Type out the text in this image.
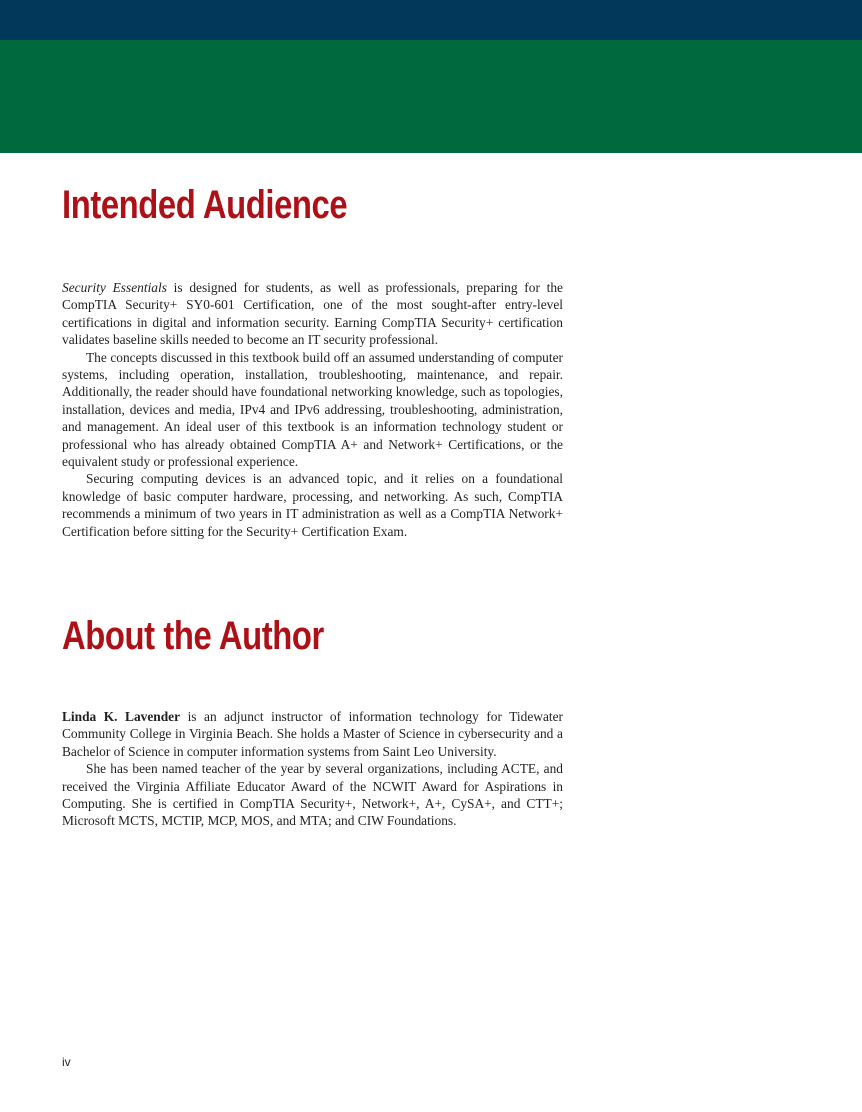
Intended Audience

Security Essentials is designed for students, as well as professionals, preparing for the CompTIA Security+ SY0-601 Certification, one of the most sought-after entry-level certifications in digital and information security. Earning CompTIA Security+ certification validates baseline skills needed to become an IT security professional.

The concepts discussed in this textbook build off an assumed understanding of computer systems, including operation, installation, troubleshooting, maintenance, and repair. Additionally, the reader should have foundational networking knowledge, such as topologies, installation, devices and media, IPv4 and IPv6 addressing, troubleshooting, administration, and management. An ideal user of this textbook is an information technology student or professional who has already obtained CompTIA A+ and Network+ Certifications, or the equivalent study or professional experience.

Securing computing devices is an advanced topic, and it relies on a foundational knowledge of basic computer hardware, processing, and networking. As such, CompTIA recommends a minimum of two years in IT administration as well as a CompTIA Network+ Certification before sitting for the Security+ Certification Exam.

About the Author

Linda K. Lavender is an adjunct instructor of information technology for Tidewater Community College in Virginia Beach. She holds a Master of Science in cybersecurity and a Bachelor of Science in computer information systems from Saint Leo University.

She has been named teacher of the year by several organizations, including ACTE, and received the Virginia Affiliate Educator Award of the NCWIT Award for Aspirations in Computing. She is certified in CompTIA Security+, Network+, A+, CySA+, and CTT+; Microsoft MCTS, MCTIP, MCP, MOS, and MTA; and CIW Foundations.

iv
